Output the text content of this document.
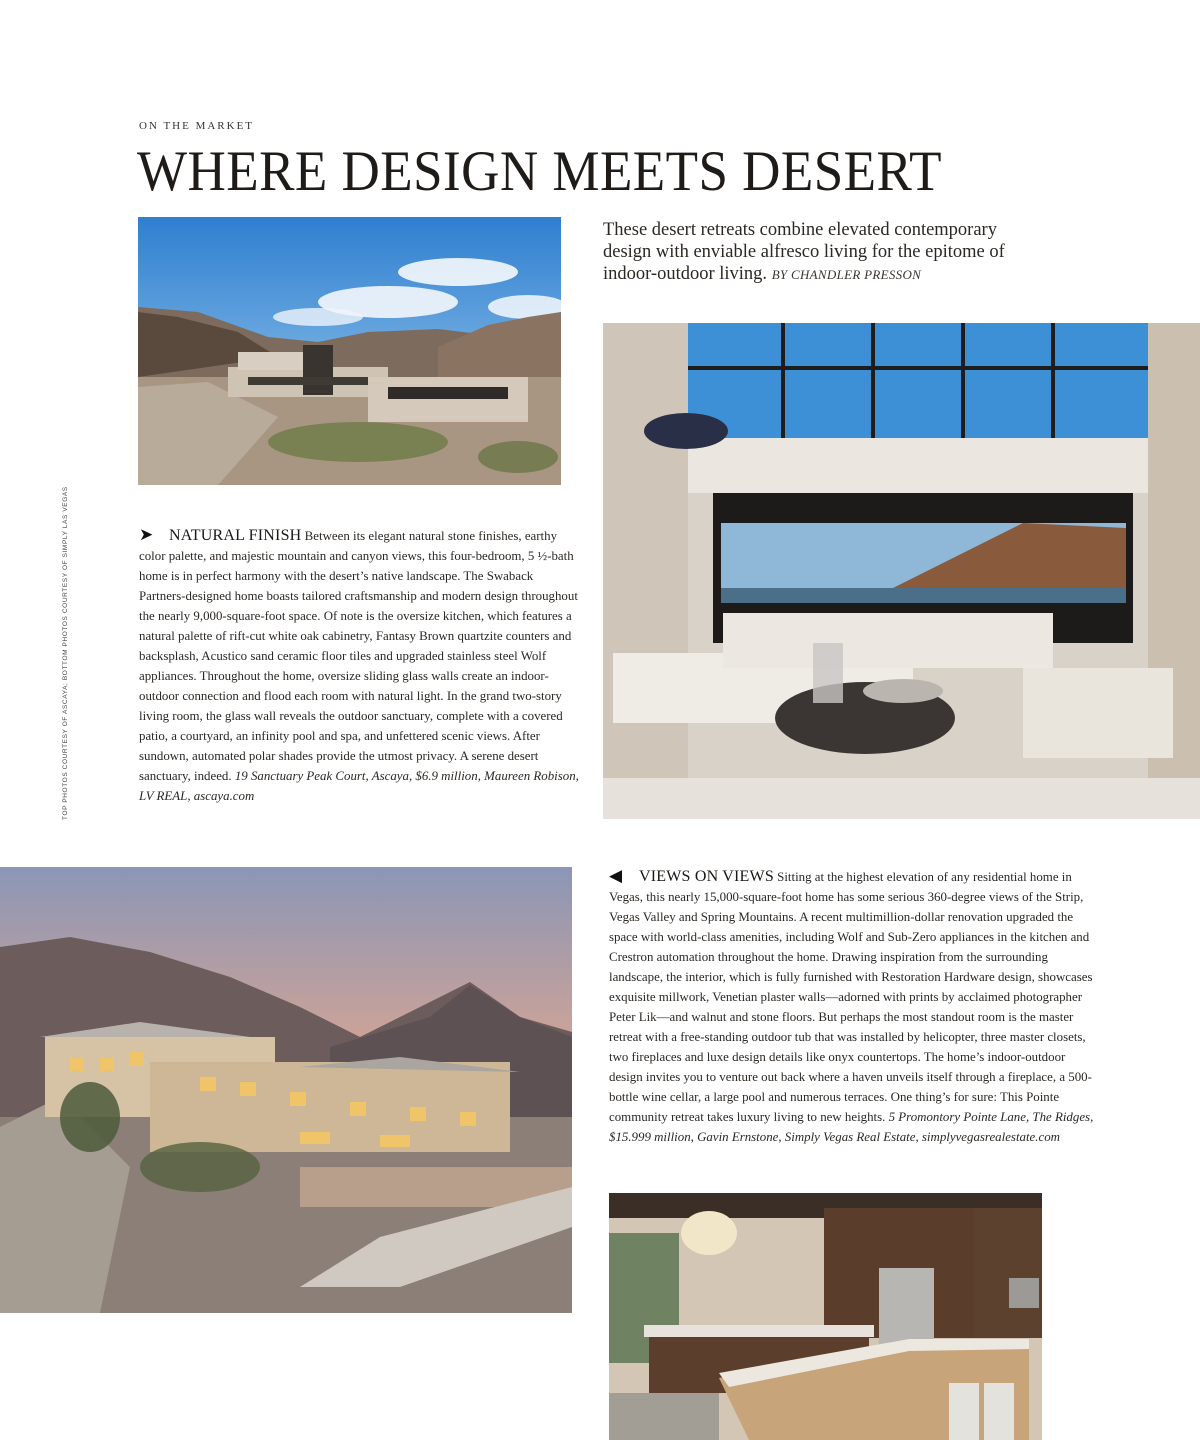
ON THE MARKET
WHERE DESIGN MEETS DESERT
These desert retreats combine elevated contemporary design with enviable alfresco living for the epitome of indoor-outdoor living. BY CHANDLER PRESSON
TOP PHOTOS COURTESY OF ASCAYA; BOTTOM PHOTOS COURTESY OF SIMPLY LAS VEGAS	➤ NATURAL FINISH Between its elegant natural stone finishes, earthy color palette, and majestic mountain and canyon views, this four-bedroom, 5 ½-bath home is in perfect harmony with the desert’s native landscape. The Swaback Partners-designed home boasts tailored craftsmanship and modern design throughout the nearly 9,000-square-foot space. Of note is the oversize kitchen, which features a natural palette of rift-cut white oak cabinetry, Fantasy Brown quartzite counters and backsplash, Acustico sand ceramic floor tiles and upgraded stainless steel Wolf appliances. Throughout the home, oversize sliding glass walls create an indoor-outdoor connection and flood each room with natural light. In the grand two-story living room, the glass wall reveals the outdoor sanctuary, complete with a covered patio, a courtyard, an infinity pool and spa, and unfettered scenic views. After sundown, automated polar shades provide the utmost privacy. A serene desert sanctuary, indeed. 19 Sanctuary Peak Court, Ascaya, $6.9 million, Maureen Robison, LV REAL, ascaya.com
◀ VIEWS ON VIEWS Sitting at the highest elevation of any residential home in Vegas, this nearly 15,000-square-foot home has some serious 360-degree views of the Strip, Vegas Valley and Spring Mountains. A recent multimillion-dollar renovation upgraded the space with world-class amenities, including Wolf and Sub-Zero appliances in the kitchen and Crestron automation throughout the home. Drawing inspiration from the surrounding landscape, the interior, which is fully furnished with Restoration Hardware design, showcases exquisite millwork, Venetian plaster walls—adorned with prints by acclaimed photographer Peter Lik—and walnut and stone floors. But perhaps the most standout room is the master retreat with a free-standing outdoor tub that was installed by helicopter, three master closets, two fireplaces and luxe design details like onyx countertops. The home’s indoor-outdoor design invites you to venture out back where a haven unveils itself through a fireplace, a 500-bottle wine cellar, a large pool and numerous terraces. One thing’s for sure: This Pointe community retreat takes luxury living to new heights. 5 Promontory Pointe Lane, The Ridges, $15.999 million, Gavin Ernstone, Simply Vegas Real Estate, simplyvegasrealestate.com
